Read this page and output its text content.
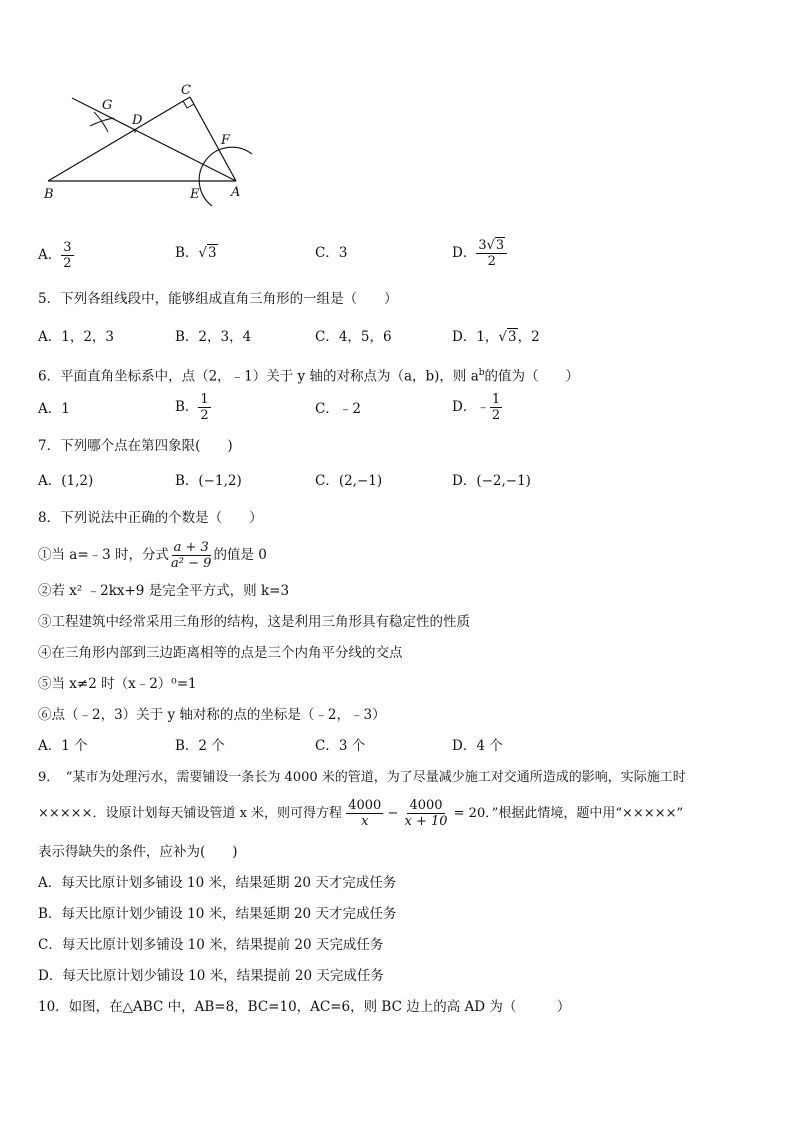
G
D
C
F
B	E A
A． $\frac{3}{2}$	B．√3	C．3	D． $\frac{3√3}{2}$
5．下列各组线段中，能够组成直角三角形的一组是（　　）
A．1，2，3	B．2，3，4	C．4，5，6	D．1，√3，2
6．平面直角坐标系中，点（2，﹣1）关于 y 轴的对称点为（a，b)，则 $a^b$的值为（　　）
A．1	B． $\frac{1}{2}$	C．﹣2	D．﹣ $\frac{1}{2}$
7．下列哪个点在第四象限(　　)
A．(1,2)	B．(−1,2)	C．(2,−1)	D．(−2,−1)
8．下列说法中正确的个数是（　　）
①当 a=﹣3 时，分式 $\frac{a + 3}{\text{a² − 9}}$ 的值是 0
②若 x² ﹣2kx+9 是完全平方式，则 k=3
③工程建筑中经常采用三角形的结构，这是利用三角形具有稳定性的性质
④在三角形内部到三边距离相等的点是三个内角平分线的交点
⑤当 x≠2 时（x﹣2）⁰=1
⑥点（﹣2，3）关于 y 轴对称的点的坐标是（﹣2，﹣3）
A．1 个	B．2 个	C．3 个	D．4 个
9．　“某市为处理污水，需要铺设一条长为 4000 米的管道，为了尽量减少施工对交通所造成的影响，实际施工时
×××××．设原计划每天铺设管道 x 米，则可得方程 $\frac{4000}{x} - \frac{4000}{x + 10} = 20$．”根据此情境，题中用“×××××”
表示得缺失的条件，应补为(　　)
A．每天比原计划多铺设 10 米，结果延期 20 天才完成任务
B．每天比原计划少铺设 10 米，结果延期 20 天才完成任务
C．每天比原计划多铺设 10 米，结果提前 20 天完成任务
D．每天比原计划少铺设 10 米，结果提前 20 天完成任务
10．如图，在△ABC 中，AB=8，BC=10，AC=6，则 BC 边上的高 AD 为（　　　）
